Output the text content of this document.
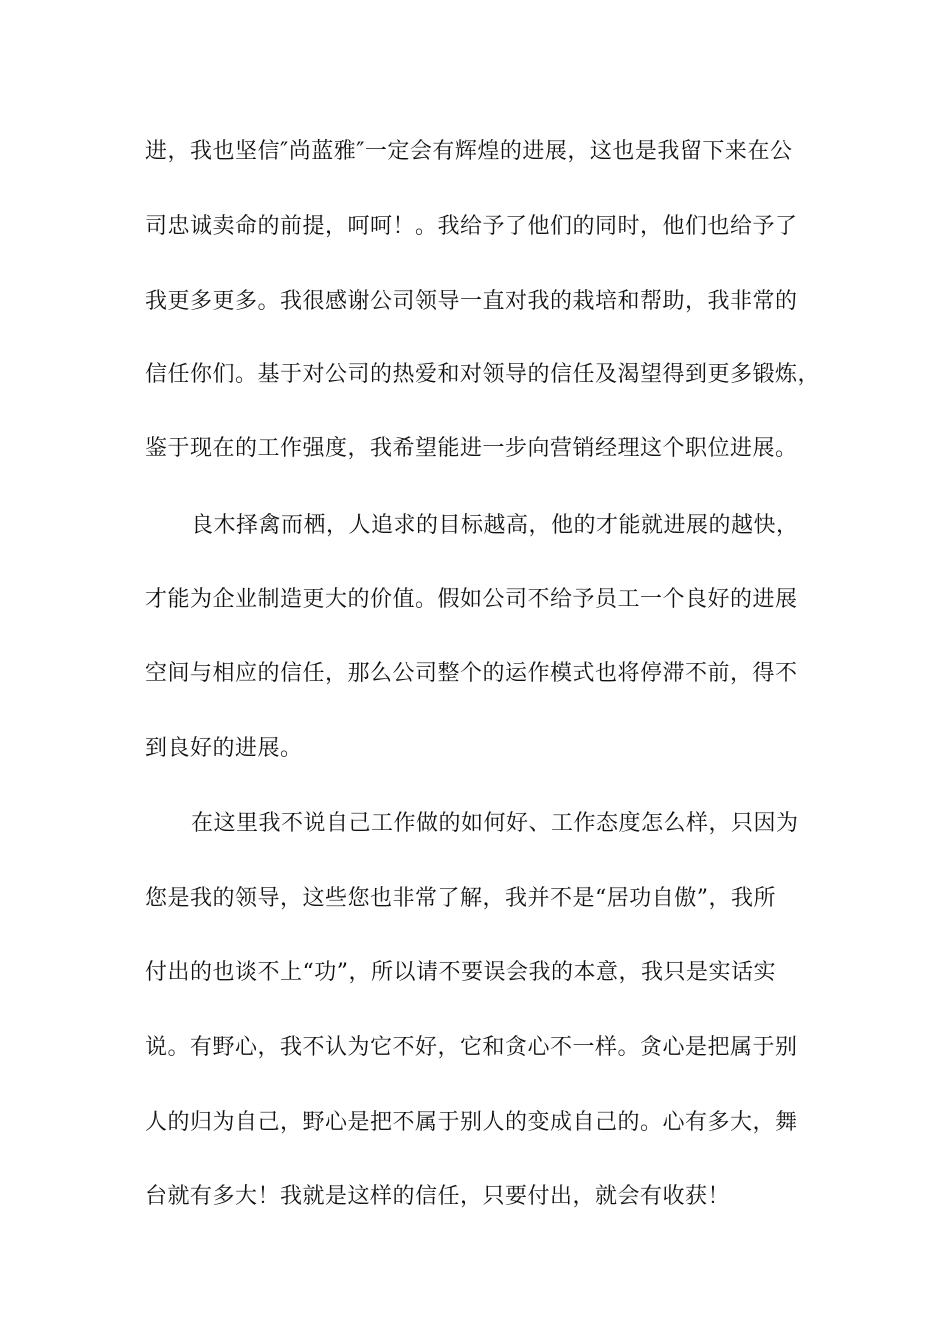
进，我也坚信″尚蓝雅″一定会有辉煌的进展，这也是我留下来在公
司忠诚卖命的前提，呵呵！。我给予了他们的同时，他们也给予了
我更多更多。我很感谢公司领导一直对我的栽培和帮助，我非常的
信任你们。基于对公司的热爱和对领导的信任及渴望得到更多锻炼，
鉴于现在的工作强度，我希望能进一步向营销经理这个职位进展。
良木择禽而栖，人追求的目标越高，他的才能就进展的越快，
才能为企业制造更大的价值。假如公司不给予员工一个良好的进展
空间与相应的信任，那么公司整个的运作模式也将停滞不前，得不
到良好的进展。
在这里我不说自己工作做的如何好、工作态度怎么样，只因为
您是我的领导，这些您也非常了解，我并不是“居功自傲”，我所
付出的也谈不上“功”，所以请不要误会我的本意，我只是实话实
说。有野心，我不认为它不好，它和贪心不一样。贪心是把属于别
人的归为自己，野心是把不属于别人的变成自己的。心有多大，舞
台就有多大！我就是这样的信任，只要付出，就会有收获！
